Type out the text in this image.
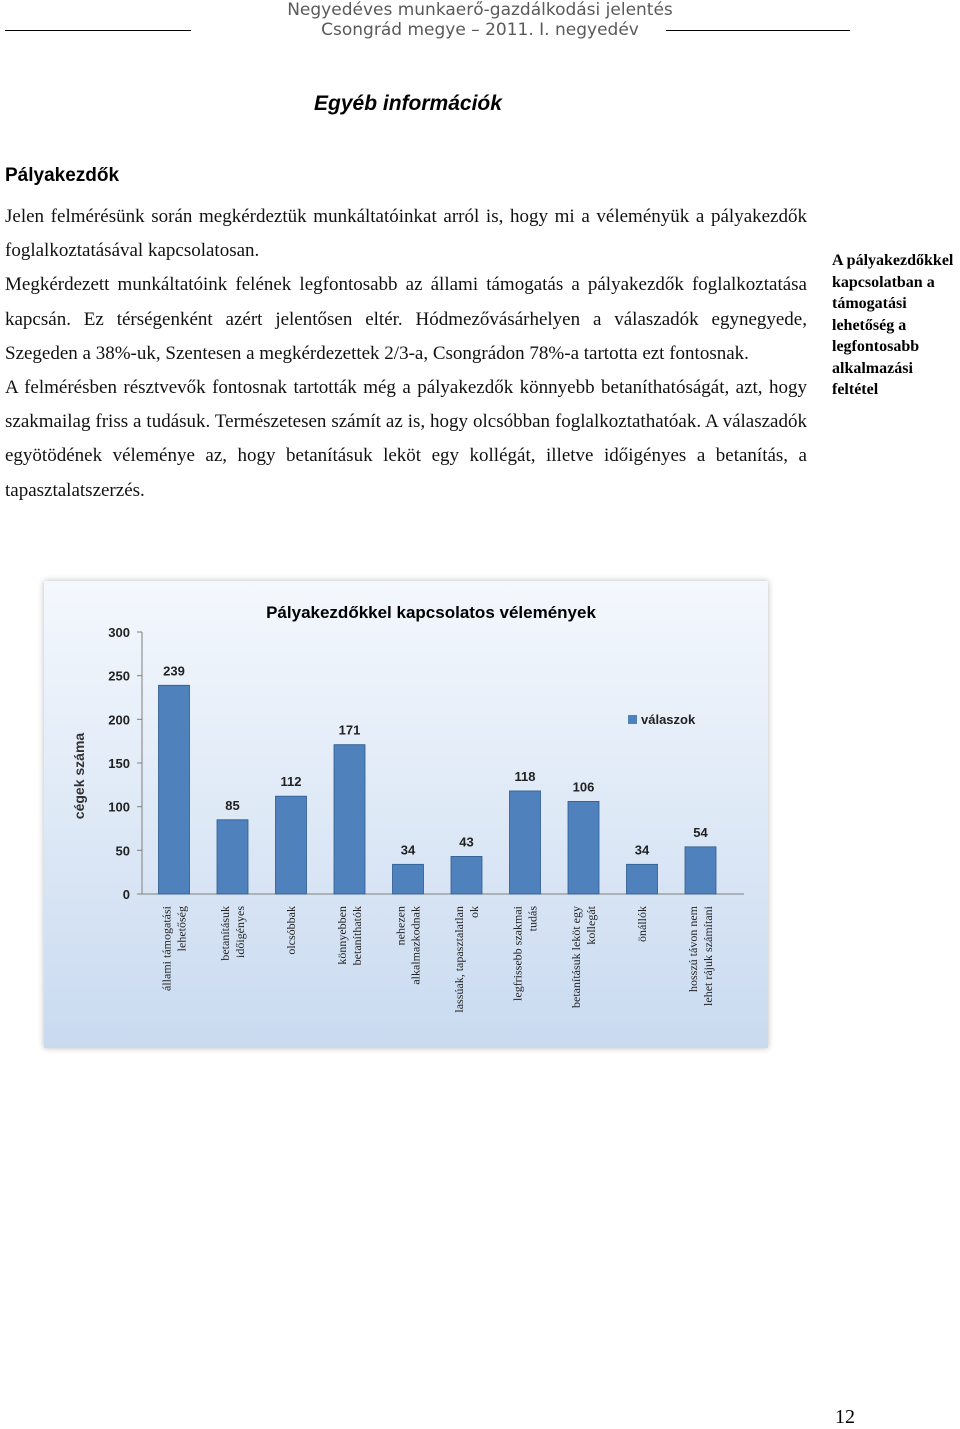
Negyedéves munkaerő-gazdálkodási jelentés
Csongrád megye – 2011. I. negyedév
Egyéb információk
Pályakezdők

Jelen felmérésünk során megkérdeztük munkáltatóinkat arról is, hogy mi a véleményük a pályakezdők foglalkoztatásával kapcsolatosan.

Megkérdezett munkáltatóink felének legfontosabb az állami támogatás a pályakezdők foglalkoztatása kapcsán. Ez térségenként azért jelentősen eltér. Hódmezővásárhelyen a válaszadók egynegyede, Szegeden a 38%-uk, Szentesen a megkérdezettek 2/3-a, Csongrádon 78%-a tartotta ezt fontosnak.

A felmérésben résztvevők fontosnak tartották még a pályakezdők könnyebb betaníthatóságát, azt, hogy szakmailag friss a tudásuk. Természetesen számít az is, hogy olcsóbban foglalkoztathatóak. A válaszadók egyötödének véleménye az, hogy betanításuk leköt egy kollégát, illetve időigényes a betanítás, a tapasztalatszerzés.

A pályakezdőkkel kapcsolatban a támogatási lehetőség a legfontosabb alkalmazási feltétel
Pályakezdőkkel kapcsolatos vélemények
cégek száma
válaszok
0
50
100
150
200
250
300
239
85
112
171
34
43
118
106
34
54
állami támogatási lehetőség betanításuk időigényes	olcsóbbak	könnyebben betaníthatók nehezen alkalmazkodnak lassúak, tapasztalatlan ok legfrissebb szakmai tudás betanításuk leköt egy kollegát	önállók	hosszú távon nem lehet rájuk számítani
12
